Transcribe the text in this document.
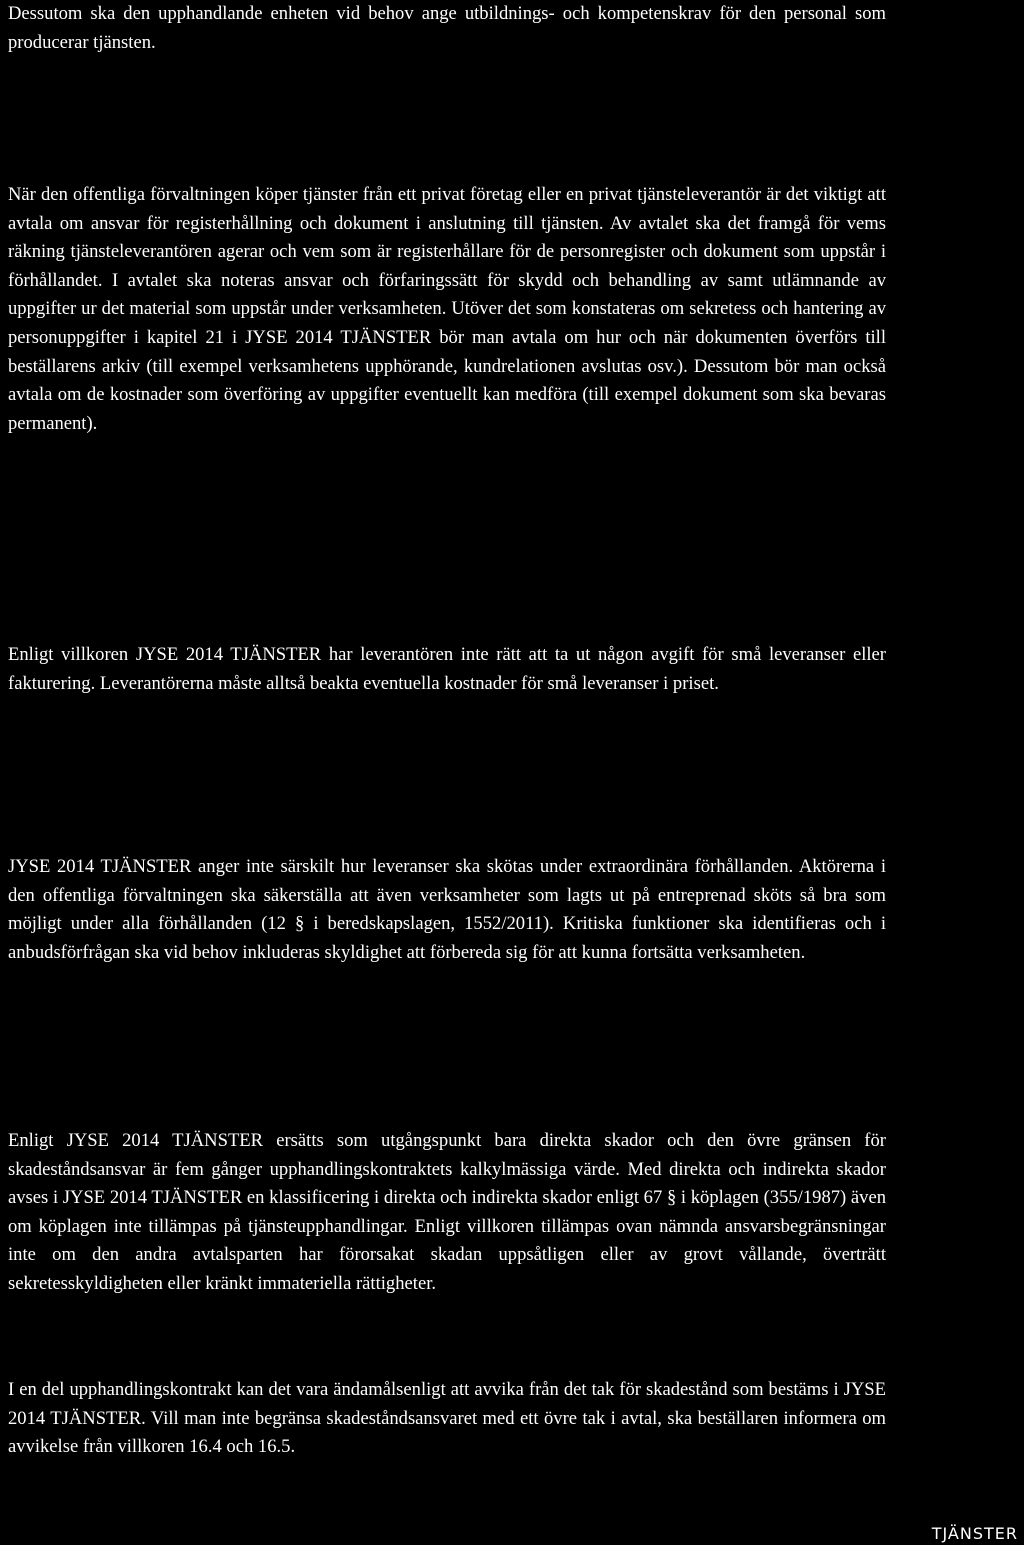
Dessutom ska den upphandlande enheten vid behov ange utbildnings- och kompetenskrav för den personal som producerar tjänsten.

När den offentliga förvaltningen köper tjänster från ett privat företag eller en privat tjänsteleverantör är det viktigt att avtala om ansvar för registerhållning och dokument i anslutning till tjänsten. Av avtalet ska det framgå för vems räkning tjänsteleverantören agerar och vem som är registerhållare för de personregister och dokument som uppstår i förhållandet. I avtalet ska noteras ansvar och förfaringssätt för skydd och behandling av samt utlämnande av uppgifter ur det material som uppstår under verksamheten. Utöver det som konstateras om sekretess och hantering av personuppgifter i kapitel 21 i JYSE 2014 TJÄNSTER bör man avtala om hur och när dokumenten överförs till beställarens arkiv (till exempel verksamhetens upphörande, kundrelationen avslutas osv.). Dessutom bör man också avtala om de kostnader som överföring av uppgifter eventuellt kan medföra (till exempel dokument som ska bevaras permanent).

Enligt villkoren JYSE 2014 TJÄNSTER har leverantören inte rätt att ta ut någon avgift för små leveranser eller fakturering. Leverantörerna måste alltså beakta eventuella kostnader för små leveranser i priset.

JYSE 2014 TJÄNSTER anger inte särskilt hur leveranser ska skötas under extraordinära förhållanden. Aktörerna i den offentliga förvaltningen ska säkerställa att även verksamheter som lagts ut på entreprenad sköts så bra som möjligt under alla förhållanden (12 § i beredskapslagen, 1552/2011). Kritiska funktioner ska identifieras och i anbudsförfrågan ska vid behov inkluderas skyldighet att förbereda sig för att kunna fortsätta verksamheten.

Enligt JYSE 2014 TJÄNSTER ersätts som utgångspunkt bara direkta skador och den övre gränsen för skadeståndsansvar är fem gånger upphandlingskontraktets kalkylmässiga värde. Med direkta och indirekta skador avses i JYSE 2014 TJÄNSTER en klassificering i direkta och indirekta skador enligt 67 § i köplagen (355/1987) även om köplagen inte tillämpas på tjänsteupphandlingar. Enligt villkoren tillämpas ovan nämnda ansvarsbegränsningar inte om den andra avtalsparten har förorsakat skadan uppsåtligen eller av grovt vållande, överträtt sekretesskyldigheten eller kränkt immateriella rättigheter.

I en del upphandlingskontrakt kan det vara ändamålsenligt att avvika från det tak för skadestånd som bestäms i JYSE 2014 TJÄNSTER. Vill man inte begränsa skadeståndsansvaret med ett övre tak i avtal, ska beställaren informera om avvikelse från villkoren 16.4 och 16.5.

TJÄNSTER
